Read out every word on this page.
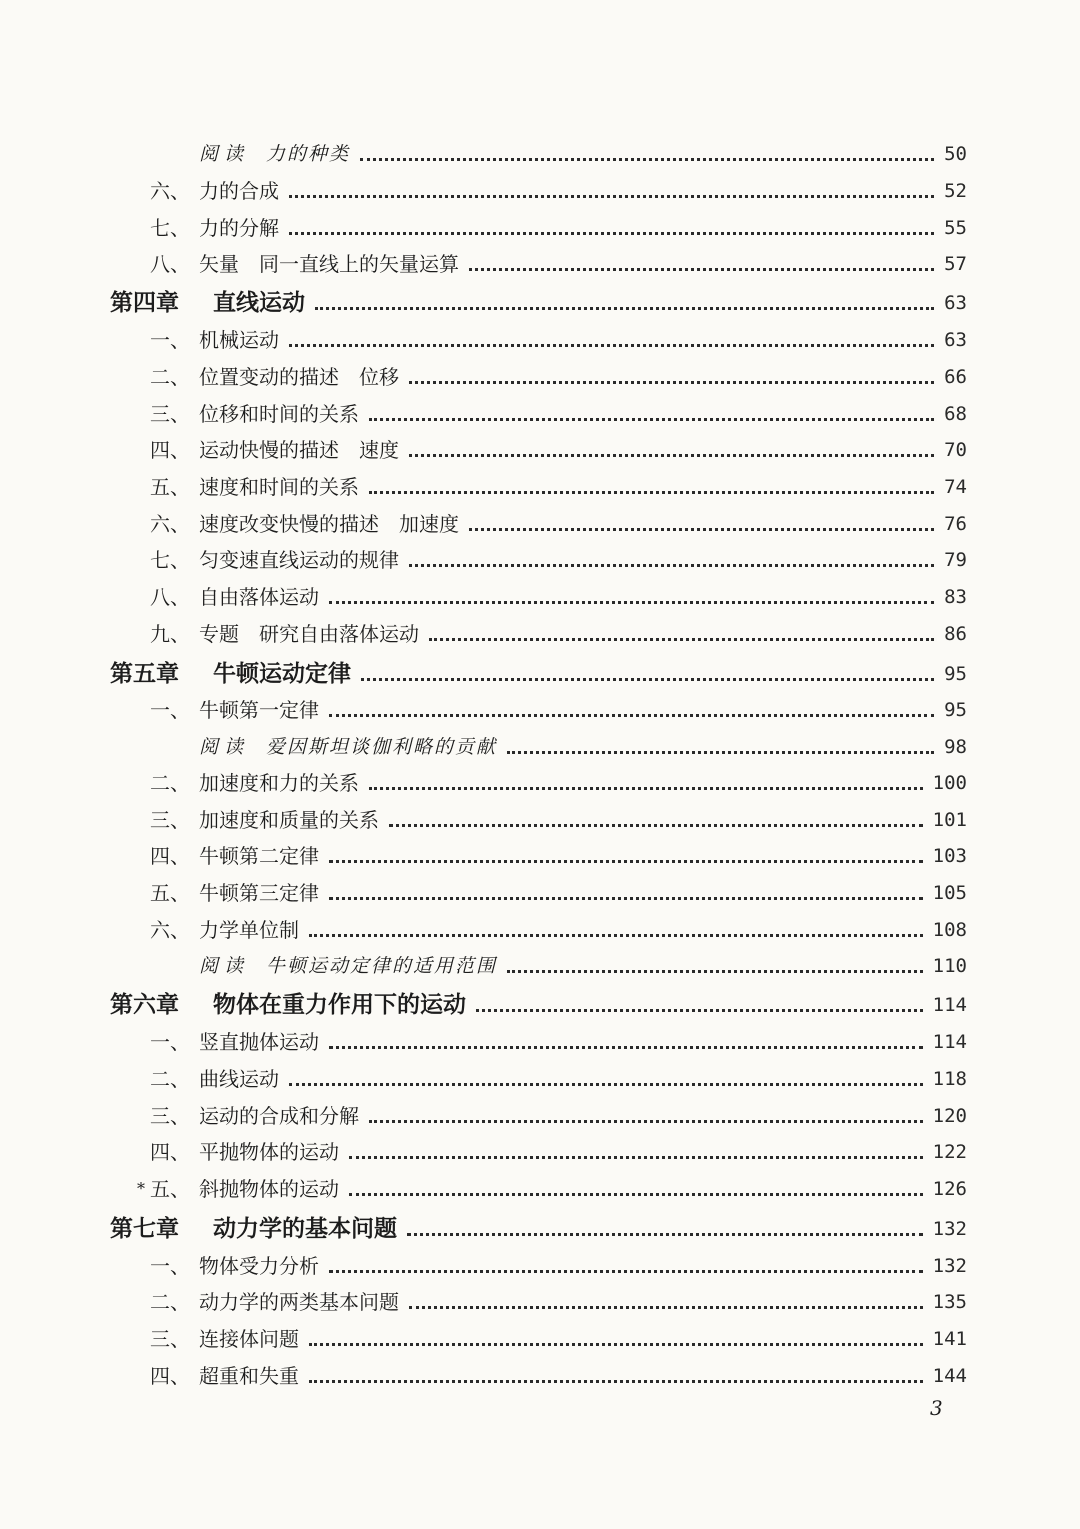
阅读 力的种类	50
六、 力的合成	52
七、 力的分解	55
八、 矢量　同一直线上的矢量运算	57
第四章 直线运动	63
一、 机械运动	63
二、 位置变动的描述　位移	66
三、 位移和时间的关系	68
四、 运动快慢的描述　速度	70
五、 速度和时间的关系	74
六、 速度改变快慢的描述　加速度	76
七、 匀变速直线运动的规律	79
八、 自由落体运动	83
九、 专题　研究自由落体运动	86
第五章 牛顿运动定律	95
一、 牛顿第一定律	95
阅读 爱因斯坦谈伽利略的贡献	98
二、 加速度和力的关系	100
三、 加速度和质量的关系	101
四、 牛顿第二定律	103
五、 牛顿第三定律	105
六、 力学单位制	108
阅读 牛顿运动定律的适用范围	110
第六章 物体在重力作用下的运动	114
一、 竖直抛体运动	114
二、 曲线运动	118
三、 运动的合成和分解	120
四、 平抛物体的运动	122
* 五、 斜抛物体的运动	126
第七章 动力学的基本问题	132
一、 物体受力分析	132
二、 动力学的两类基本问题	135
三、 连接体问题	141
四、 超重和失重	144
3
